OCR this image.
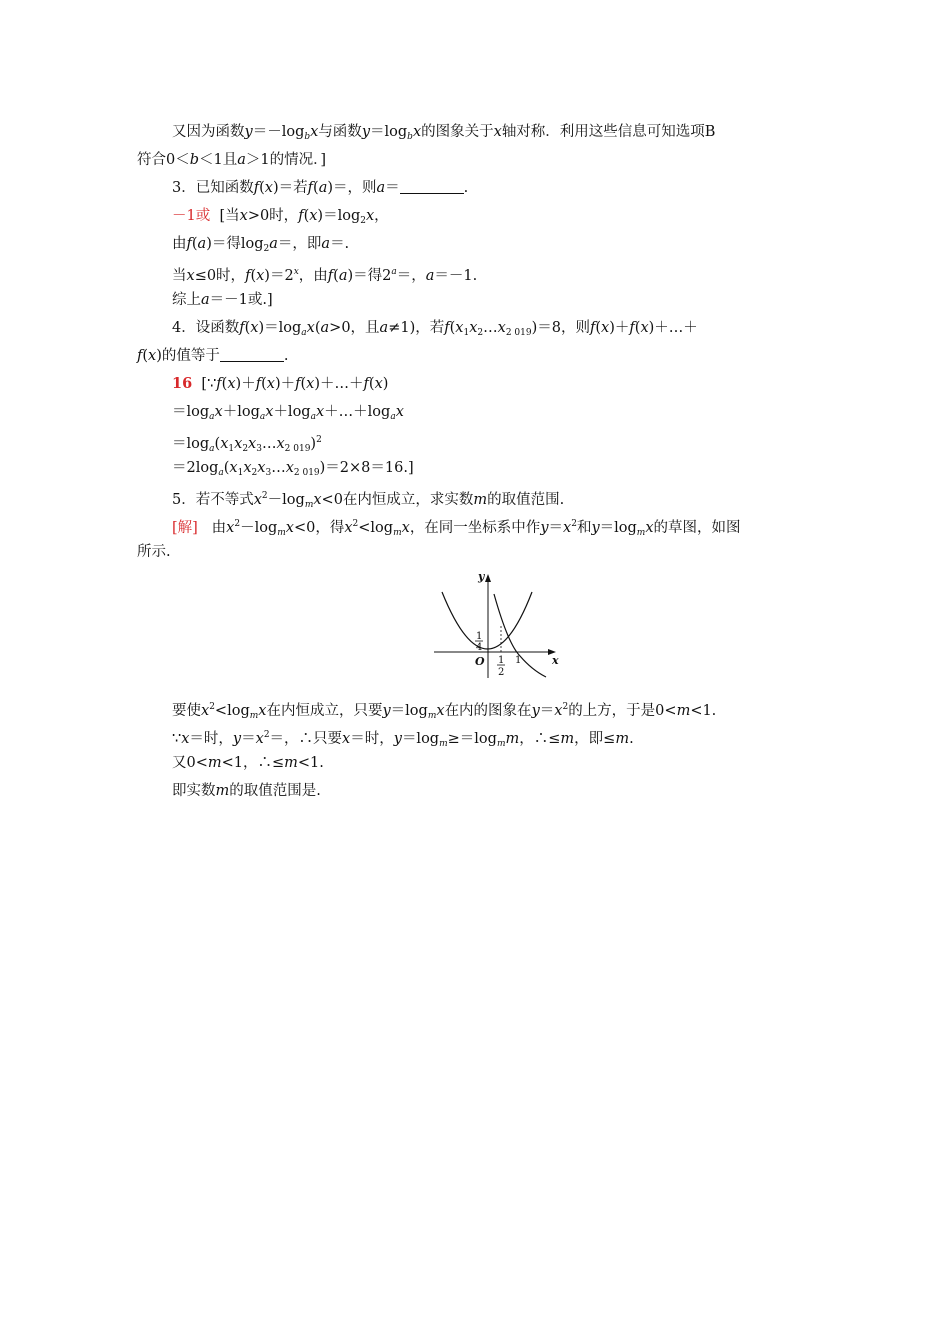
又因为函数$y=-\log_bx$与函数$y=\log_bx$的图象关于x轴对称．利用这些信息可知选项B
符合0＜b＜1且a＞1的情况．]
3．已知函数f(x)＝若f(a)＝，则a＝	.
－1或 [当x>0时，$f(x)=\log_2x$，
由f(a)＝得$\log_2a=$，即a＝.
当x≤0时，$f(x)=2^x$，由f(a)＝得$2^a=$，a＝－1.
综上a＝－1或.]
4．设函数$f(x)=\log_ax(a>0$，且a≠1)，若$f(x_1x_2\dots x_{2 019})=8$，则f(x)＋f(x)＋…＋
f(x)的值等于	.
16 [∵f(x)＋f(x)＋f(x)＋…＋f(x)
$=\log_ax+\log_ax+\log_ax+\dots+\log_ax$
$=\log_a(x_1x_2x_3\dots x_{2 019})^2$
$=2\log_a(x_1x_2x_3\dots x_{2 019})=2\times 8=16$.]
5．若不等式$x^2-\log_mx<0$在内恒成立，求实数m的取值范围.
[解] 由$x^2-\log_mx<0$，得$x^2<\log_mx$，在同一坐标系中作$y=x^2$和$y=\log_mx$的草图，如图
所示.
y
x
O
1
4
1
2
1
要使$x^2<\log_mx$在内恒成立，只要$y=\log_mx$在内的图象在$y=x^2$的上方，于是0<m<1.
∵x＝时，$y=x^2=$，∴只要x＝时，$y=\log_m\ge=\log_mm$，∴≤m，即≤m.
又0<m<1，∴≤m<1.
即实数m的取值范围是.
